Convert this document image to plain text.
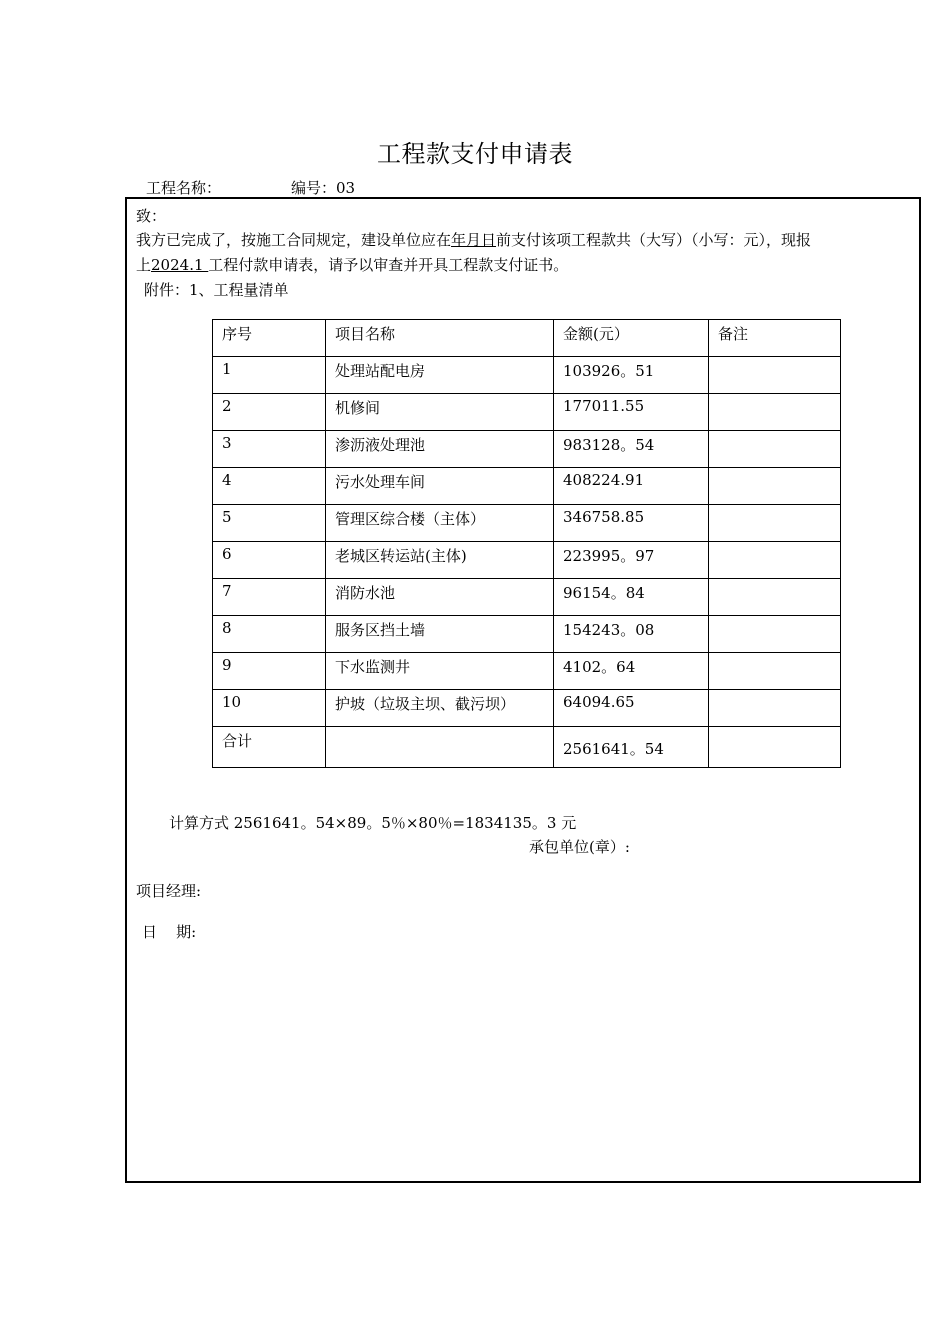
工程款支付申请表
工程名称：	编号：03
致：
我方已完成了，按施工合同规定，建设单位应在年月日前支付该项工程款共（大写）（小写：元），现报
上2024.1 工程付款申请表，请予以审查并开具工程款支付证书。
附件：1、工程量清单
序号	项目名称	金额(元）	备注
1	处理站配电房	103926。51	
2	机修间	177011.55	
3	渗沥液处理池	983128。54	
4	污水处理车间	408224.91	
5	管理区综合楼（主体）	346758.85	
6	老城区转运站(主体)	223995。97	
7	消防水池	96154。84	
8	服务区挡土墙	154243。08	
9	下水监测井	4102。64	
10	护坡（垃圾主坝、截污坝）	64094.65	
合计		2561641。54	
计算方式 2561641。54×89。5％×80％=1834135。3 元
承包单位(章）:
项目经理:
日    期:
